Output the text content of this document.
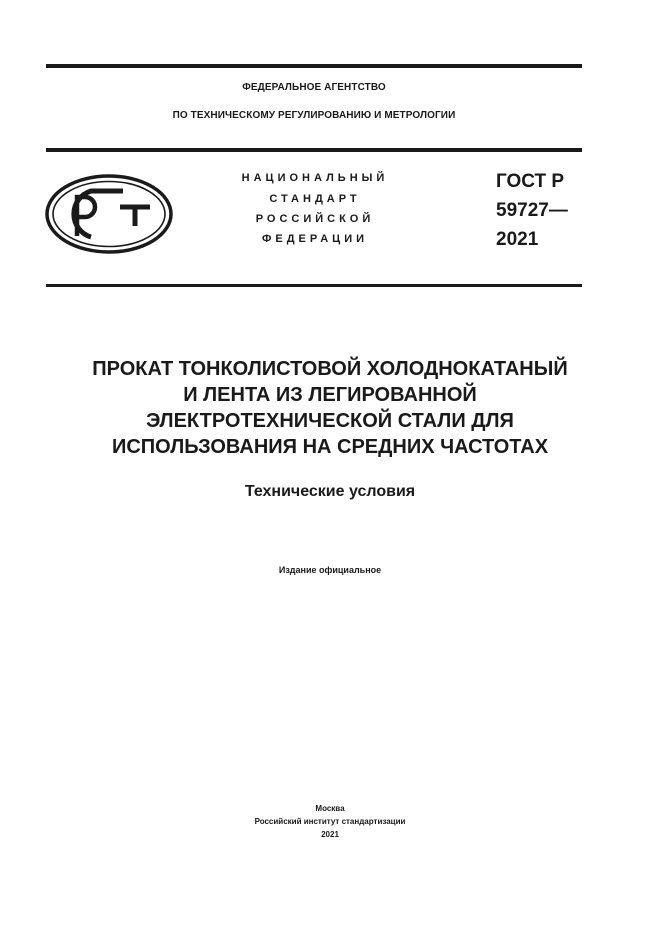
ФЕДЕРАЛЬНОЕ АГЕНТСТВО
ПО ТЕХНИЧЕСКОМУ РЕГУЛИРОВАНИЮ И МЕТРОЛОГИИ
НАЦИОНАЛЬНЫЙ
СТАНДАРТ
РОССИЙСКОЙ
ФЕДЕРАЦИИ
ГОСТ Р
59727—
2021
ПРОКАТ ТОНКОЛИСТОВОЙ ХОЛОДНОКАТАНЫЙ
И ЛЕНТА ИЗ ЛЕГИРОВАННОЙ
ЭЛЕКТРОТЕХНИЧЕСКОЙ СТАЛИ ДЛЯ
ИСПОЛЬЗОВАНИЯ НА СРЕДНИХ ЧАСТОТАХ
Технические условия
Издание официальное
Москва
Российский институт стандартизации
2021
